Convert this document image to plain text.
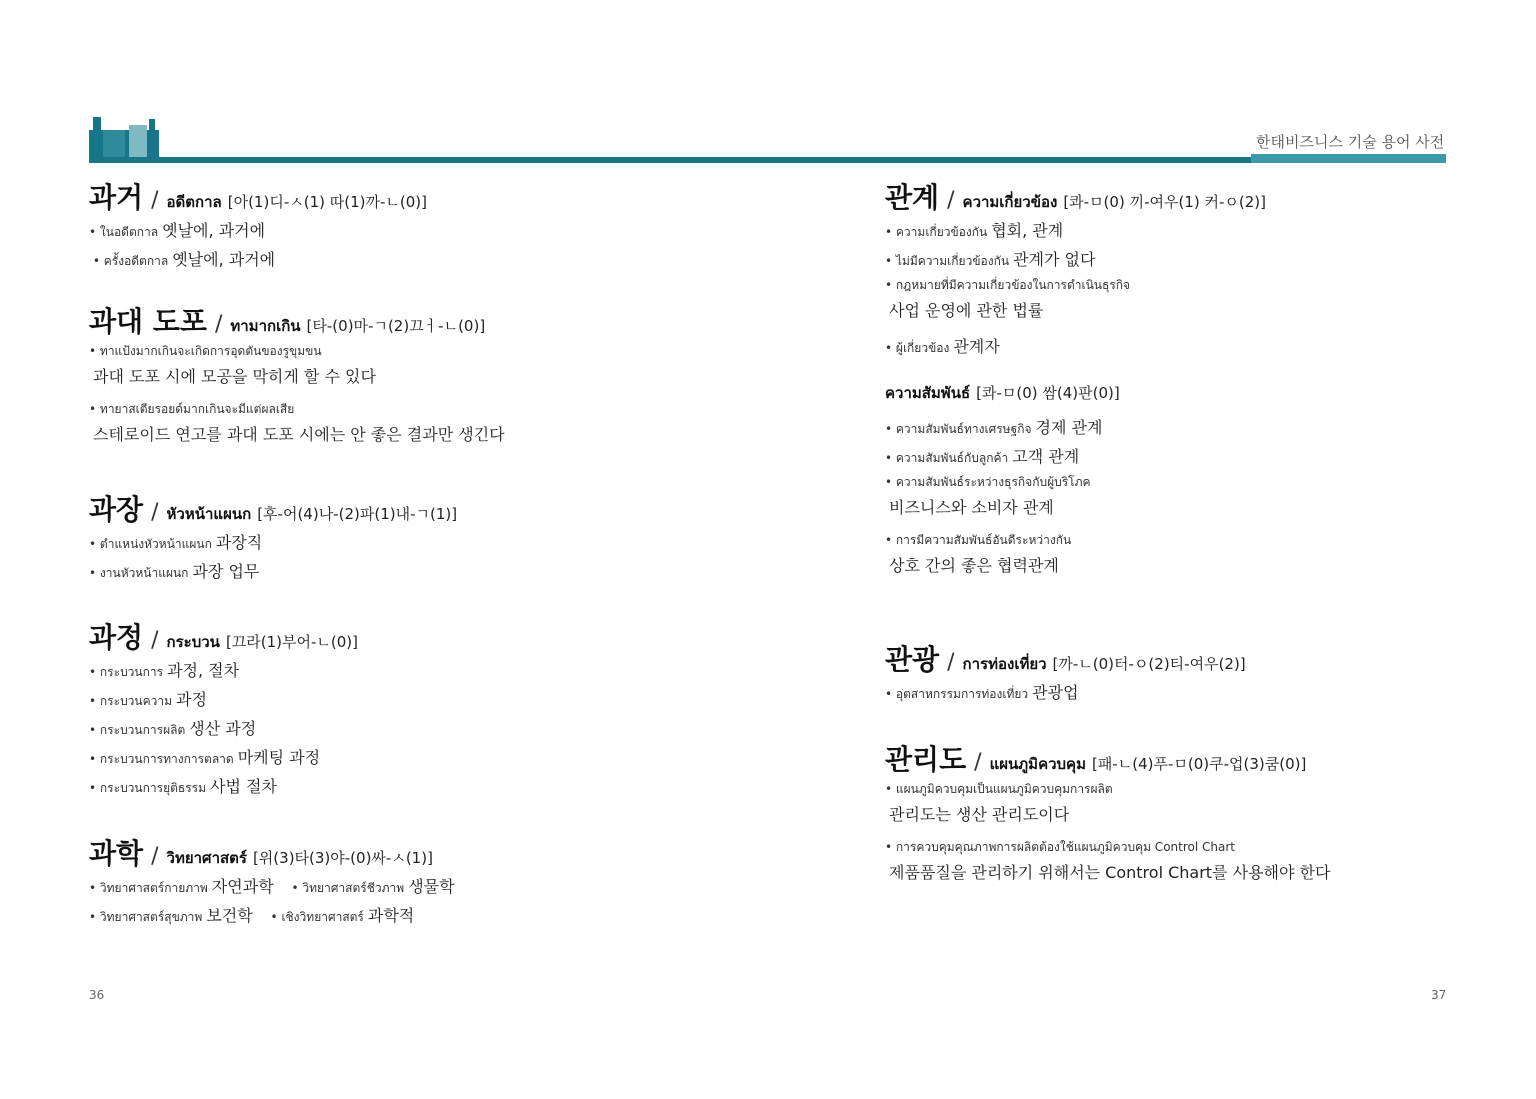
한태비즈니스 기술 용어 사전
과거 / อดีตกาล [아(1)디-ㅅ(1) 따(1)까-ㄴ(0)]
• ในอดีตกาล 옛날에, 과거에
• ครั้งอดีตกาล 옛날에, 과거에
과대 도포 / ทามากเกิน [타-(0)마-ㄱ(2)끄ㅓ-ㄴ(0)]
• ทาแป้งมากเกินจะเกิดการอุดตันของรูขุมขน
과대 도포 시에 모공을 막히게 할 수 있다
• ทายาสเตียรอยด์มากเกินจะมีแต่ผลเสีย
스테로이드 연고를 과대 도포 시에는 안 좋은 결과만 생긴다
과장 / หัวหน้าแผนก [후-어(4)나-(2)파(1)내-ㄱ(1)]
• ตำแหน่งหัวหน้าแผนก 과장직
• งานหัวหน้าแผนก 과장 업무
과정 / กระบวน [끄라(1)부어-ㄴ(0)]
• กระบวนการ 과정, 절차
• กระบวนความ 과정
• กระบวนการผลิต 생산 과정
• กระบวนการทางการตลาด 마케팅 과정
• กระบวนการยุติธรรม 사법 절차
과학 / วิทยาศาสตร์ [위(3)타(3)야-(0)싸-ㅅ(1)]
• วิทยาศาสตร์กายภาพ 자연과학 • วิทยาศาสตร์ชีวภาพ 생물학
• วิทยาศาสตร์สุขภาพ 보건학 • เชิงวิทยาศาสตร์ 과학적
관계 / ความเกี่ยวข้อง [콰-ㅁ(0) 끼-여우(1) 커-ㅇ(2)]
• ความเกี่ยวข้องกัน 협회, 관계
• ไม่มีความเกี่ยวข้องกัน 관계가 없다
• กฎหมายที่มีความเกี่ยวข้องในการดำเนินธุรกิจ
사업 운영에 관한 법률
• ผู้เกี่ยวข้อง 관계자
ความสัมพันธ์ [콰-ㅁ(0) 쌈(4)판(0)]
• ความสัมพันธ์ทางเศรษฐกิจ 경제 관계
• ความสัมพันธ์กับลูกค้า 고객 관계
• ความสัมพันธ์ระหว่างธุรกิจกับผู้บริโภค
비즈니스와 소비자 관계
• การมีความสัมพันธ์อันดีระหว่างกัน
상호 간의 좋은 협력관계
관광 / การท่องเที่ยว [까-ㄴ(0)터-ㅇ(2)티-여우(2)]
• อุตสาหกรรมการท่องเที่ยว 관광업
관리도 / แผนภูมิควบคุม [패-ㄴ(4)푸-ㅁ(0)쿠-업(3)쿰(0)]
• แผนภูมิควบคุมเป็นแผนภูมิควบคุมการผลิต
관리도는 생산 관리도이다
• การควบคุมคุณภาพการผลิตต้องใช้แผนภูมิควบคุม Control Chart
제품품질을 관리하기 위해서는 Control Chart를 사용해야 한다
36	37
